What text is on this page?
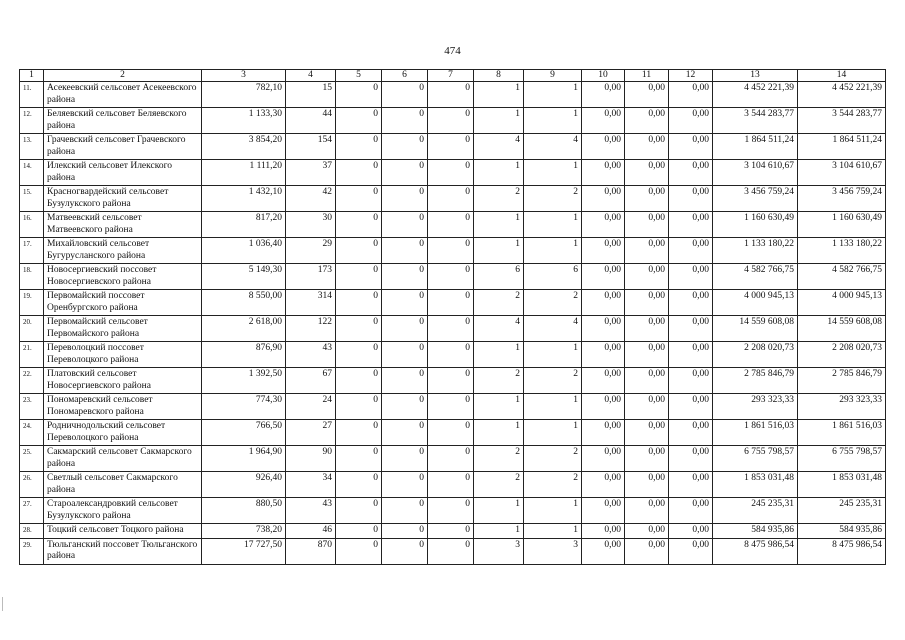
474
1	2	3	4	5	6	7	8	9	10	11	12	13	14
11.	Асекеевский сельсовет Асекеевского района	782,10	15	0	0	0	1	1	0,00	0,00	0,00	4 452 221,39	4 452 221,39
12.	Беляевский сельсовет Беляевского района	1 133,30	44	0	0	0	1	1	0,00	0,00	0,00	3 544 283,77	3 544 283,77
13.	Грачевский сельсовет Грачевского района	3 854,20	154	0	0	0	4	4	0,00	0,00	0,00	1 864 511,24	1 864 511,24
14.	Илекский сельсовет Илекского района	1 111,20	37	0	0	0	1	1	0,00	0,00	0,00	3 104 610,67	3 104 610,67
15.	Красногвардейский сельсовет Бузулукского района	1 432,10	42	0	0	0	2	2	0,00	0,00	0,00	3 456 759,24	3 456 759,24
16.	Матвеевский сельсовет Матвеевского района	817,20	30	0	0	0	1	1	0,00	0,00	0,00	1 160 630,49	1 160 630,49
17.	Михайловский сельсовет Бугурусланского района	1 036,40	29	0	0	0	1	1	0,00	0,00	0,00	1 133 180,22	1 133 180,22
18.	Новосергиевский поссовет Новосергиевского района	5 149,30	173	0	0	0	6	6	0,00	0,00	0,00	4 582 766,75	4 582 766,75
19.	Первомайский поссовет Оренбургского района	8 550,00	314	0	0	0	2	2	0,00	0,00	0,00	4 000 945,13	4 000 945,13
20.	Первомайский сельсовет Первомайского района	2 618,00	122	0	0	0	4	4	0,00	0,00	0,00	14 559 608,08	14 559 608,08
21.	Переволоцкий поссовет Переволоцкого района	876,90	43	0	0	0	1	1	0,00	0,00	0,00	2 208 020,73	2 208 020,73
22.	Платовский сельсовет Новосергиевского района	1 392,50	67	0	0	0	2	2	0,00	0,00	0,00	2 785 846,79	2 785 846,79
23.	Пономаревский сельсовет Пономаревского района	774,30	24	0	0	0	1	1	0,00	0,00	0,00	293 323,33	293 323,33
24.	Родничнодольский сельсовет Переволоцкого района	766,50	27	0	0	0	1	1	0,00	0,00	0,00	1 861 516,03	1 861 516,03
25.	Сакмарский сельсовет Сакмарского района	1 964,90	90	0	0	0	2	2	0,00	0,00	0,00	6 755 798,57	6 755 798,57
26.	Светлый сельсовет Сакмарского района	926,40	34	0	0	0	2	2	0,00	0,00	0,00	1 853 031,48	1 853 031,48
27.	Староалександровкий сельсовет Бузулукского района	880,50	43	0	0	0	1	1	0,00	0,00	0,00	245 235,31	245 235,31
28.	Тоцкий сельсовет Тоцкого района	738,20	46	0	0	0	1	1	0,00	0,00	0,00	584 935,86	584 935,86
29.	Тюльганский поссовет Тюльганского района	17 727,50	870	0	0	0	3	3	0,00	0,00	0,00	8 475 986,54	8 475 986,54
